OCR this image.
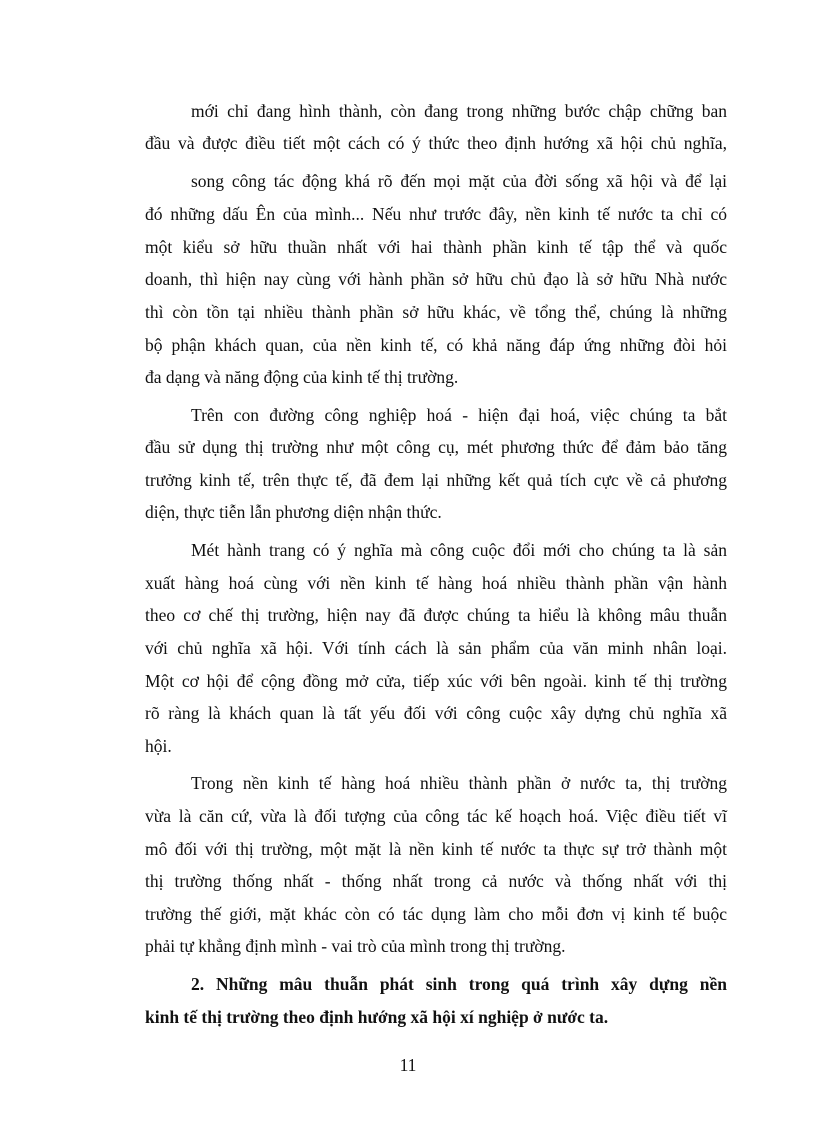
mới chỉ đang hình thành, còn đang trong những bước chập chững ban
đầu và được điều tiết một cách có ý thức theo định hướng xã hội chủ nghĩa,
song công tác động khá rõ đến mọi mặt của đời sống xã hội và để lại
đó những dấu Ên của mình... Nếu như trước đây, nền kinh tế nước ta chỉ có
một kiểu sở hữu thuần nhất với hai thành phần kinh tế tập thể và quốc
doanh, thì hiện nay cùng với hành phần sở hữu chủ đạo là sở hữu Nhà nước
thì còn tồn tại nhiều thành phần sở hữu khác, về tổng thể, chúng là những
bộ phận khách quan, của nền kinh tế, có khả năng đáp ứng những đòi hỏi
đa dạng và năng động của kinh tế thị trường.
Trên con đường công nghiệp hoá - hiện đại hoá, việc chúng ta bắt
đầu sử dụng thị trường như một công cụ, mét phương thức để đảm bảo tăng
trưởng kinh tế, trên thực tế, đã đem lại những kết quả tích cực về cả phương
diện, thực tiễn lẫn phương diện nhận thức.
Mét hành trang có ý nghĩa mà công cuộc đổi mới cho chúng ta là sản
xuất hàng hoá cùng với nền kinh tế hàng hoá nhiều thành phần vận hành
theo cơ chế thị trường, hiện nay đã được chúng ta hiểu là không mâu thuẫn
với chủ nghĩa xã hội. Với tính cách là sản phẩm của văn minh nhân loại.
Một cơ hội để cộng đồng mở cửa, tiếp xúc với bên ngoài. kinh tế thị trường
rõ ràng là khách quan là tất yếu đối với công cuộc xây dựng chủ nghĩa xã
hội.
Trong nền kinh tế hàng hoá nhiều thành phần ở nước ta, thị trường
vừa là căn cứ, vừa là đối tượng của công tác kế hoạch hoá. Việc điều tiết vĩ
mô đối với thị trường, một mặt là nền kinh tế nước ta thực sự trở thành một
thị trường thống nhất - thống nhất trong cả nước và thống nhất với thị
trường thế giới, mặt khác còn có tác dụng làm cho mỗi đơn vị kinh tế buộc
phải tự khẳng định mình - vai trò của mình trong thị trường.
2. Những mâu thuẫn phát sinh trong quá trình xây dựng nền
kinh tế thị trường theo định hướng xã hội xí nghiệp ở nước ta.
11
